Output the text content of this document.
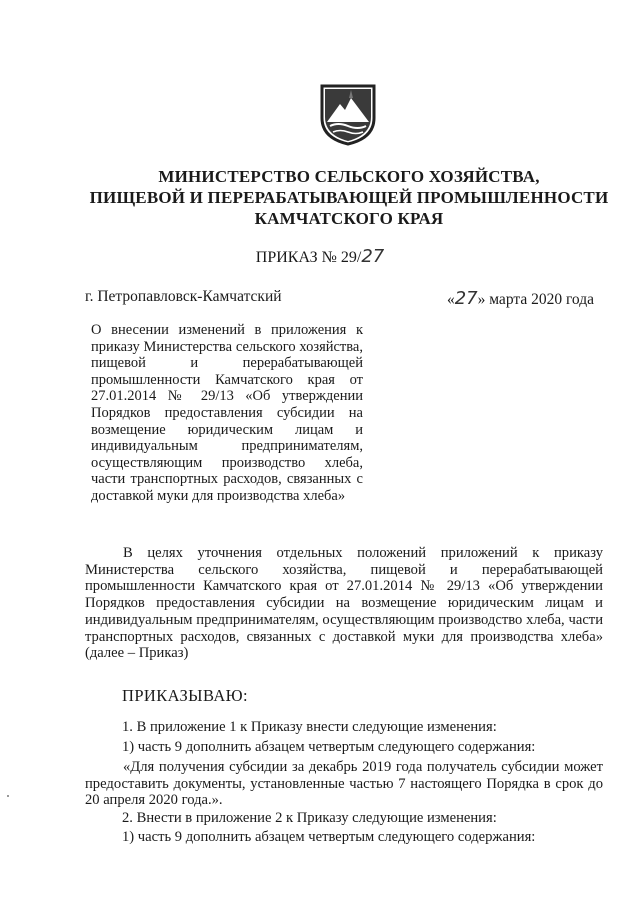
МИНИСТЕРСТВО СЕЛЬСКОГО ХОЗЯЙСТВА,
ПИЩЕВОЙ И ПЕРЕРАБАТЫВАЮЩЕЙ ПРОМЫШЛЕННОСТИ
КАМЧАТСКОГО КРАЯ
ПРИКАЗ № 29/27
г. Петропавловск-Камчатский	«27» марта 2020 года
О внесении изменений в приложения к приказу Министерства сельского хозяйства, пищевой и перерабатывающей промышленности Камчатского края от 27.01.2014 № 29/13 «Об утверждении Порядков предоставления субсидии на возмещение юридическим лицам и индивидуальным предпринимателям, осуществляющим производство хлеба, части транспортных расходов, связанных с доставкой муки для производства хлеба»
В целях уточнения отдельных положений приложений к приказу Министерства сельского хозяйства, пищевой и перерабатывающей промышленности Камчатского края от 27.01.2014 № 29/13 «Об утверждении Порядков предоставления субсидии на возмещение юридическим лицам и индивидуальным предпринимателям, осуществляющим производство хлеба, части транспортных расходов, связанных с доставкой муки для производства хлеба» (далее – Приказ)
ПРИКАЗЫВАЮ:
1. В приложение 1 к Приказу внести следующие изменения:
1) часть 9 дополнить абзацем четвертым следующего содержания:
«Для получения субсидии за декабрь 2019 года получатель субсидии может предоставить документы, установленные частью 7 настоящего Порядка в срок до 20 апреля 2020 года.».
2. Внести в приложение 2 к Приказу следующие изменения:
1) часть 9 дополнить абзацем четвертым следующего содержания:
